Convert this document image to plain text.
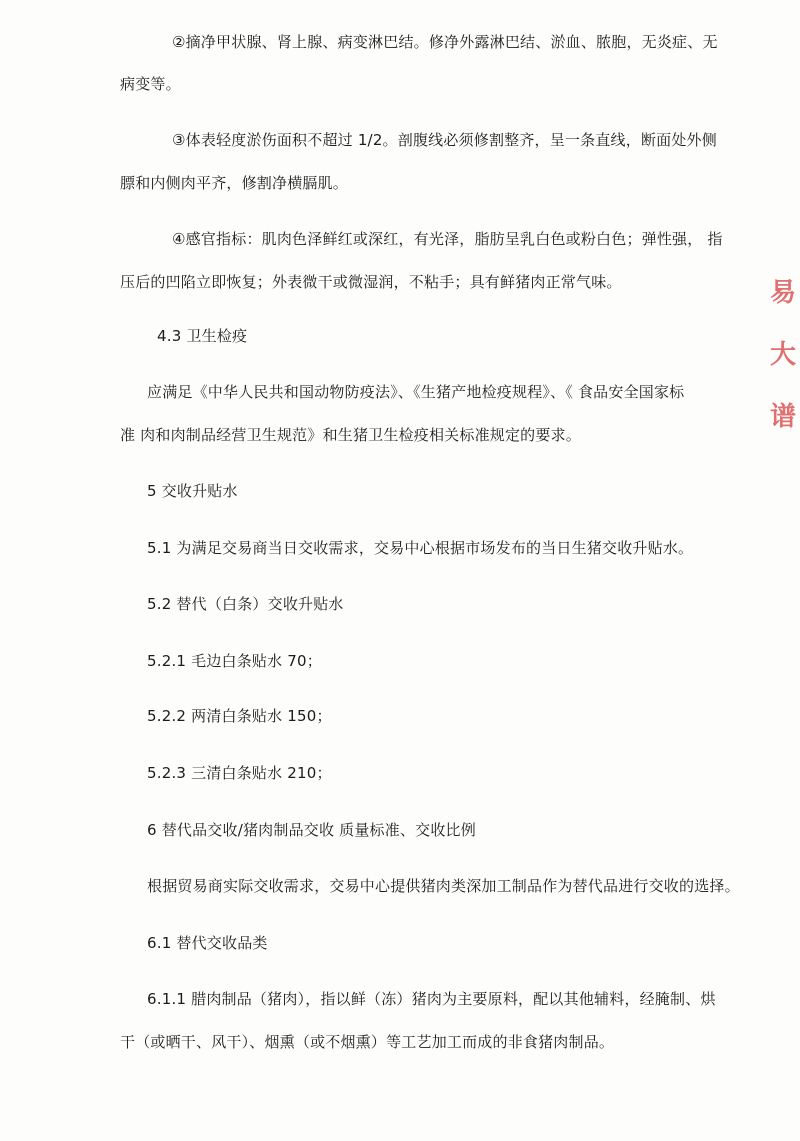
②摘净甲状腺、肾上腺、病变淋巴结。修净外露淋巴结、淤血、脓胞，无炎症、无
病变等。
③体表轻度淤伤面积不超过 1/2。剖腹线必须修割整齐，呈一条直线，断面处外侧
膘和内侧肉平齐，修割净横膈肌。
④感官指标：肌肉色泽鲜红或深红，有光泽，脂肪呈乳白色或粉白色；弹性强， 指
压后的凹陷立即恢复；外表微干或微湿润，不粘手；具有鲜猪肉正常气味。
4.3 卫生检疫
应满足《中华人民共和国动物防疫法》、《生猪产地检疫规程》、《 食品安全国家标
准 肉和肉制品经营卫生规范》和生猪卫生检疫相关标准规定的要求。
5 交收升贴水
5.1 为满足交易商当日交收需求，交易中心根据市场发布的当日生猪交收升贴水。
5.2 替代（白条）交收升贴水
5.2.1 毛边白条贴水 70；
5.2.2 两清白条贴水 150；
5.2.3 三清白条贴水 210；
6 替代品交收/猪肉制品交收 质量标准、交收比例
根据贸易商实际交收需求，交易中心提供猪肉类深加工制品作为替代品进行交收的选择。
6.1 替代交收品类
6.1.1 腊肉制品（猪肉），指以鲜（冻）猪肉为主要原料，配以其他辅料，经腌制、烘
干（或晒干、风干）、烟熏（或不烟熏）等工艺加工而成的非食猪肉制品。
易
大
谱
